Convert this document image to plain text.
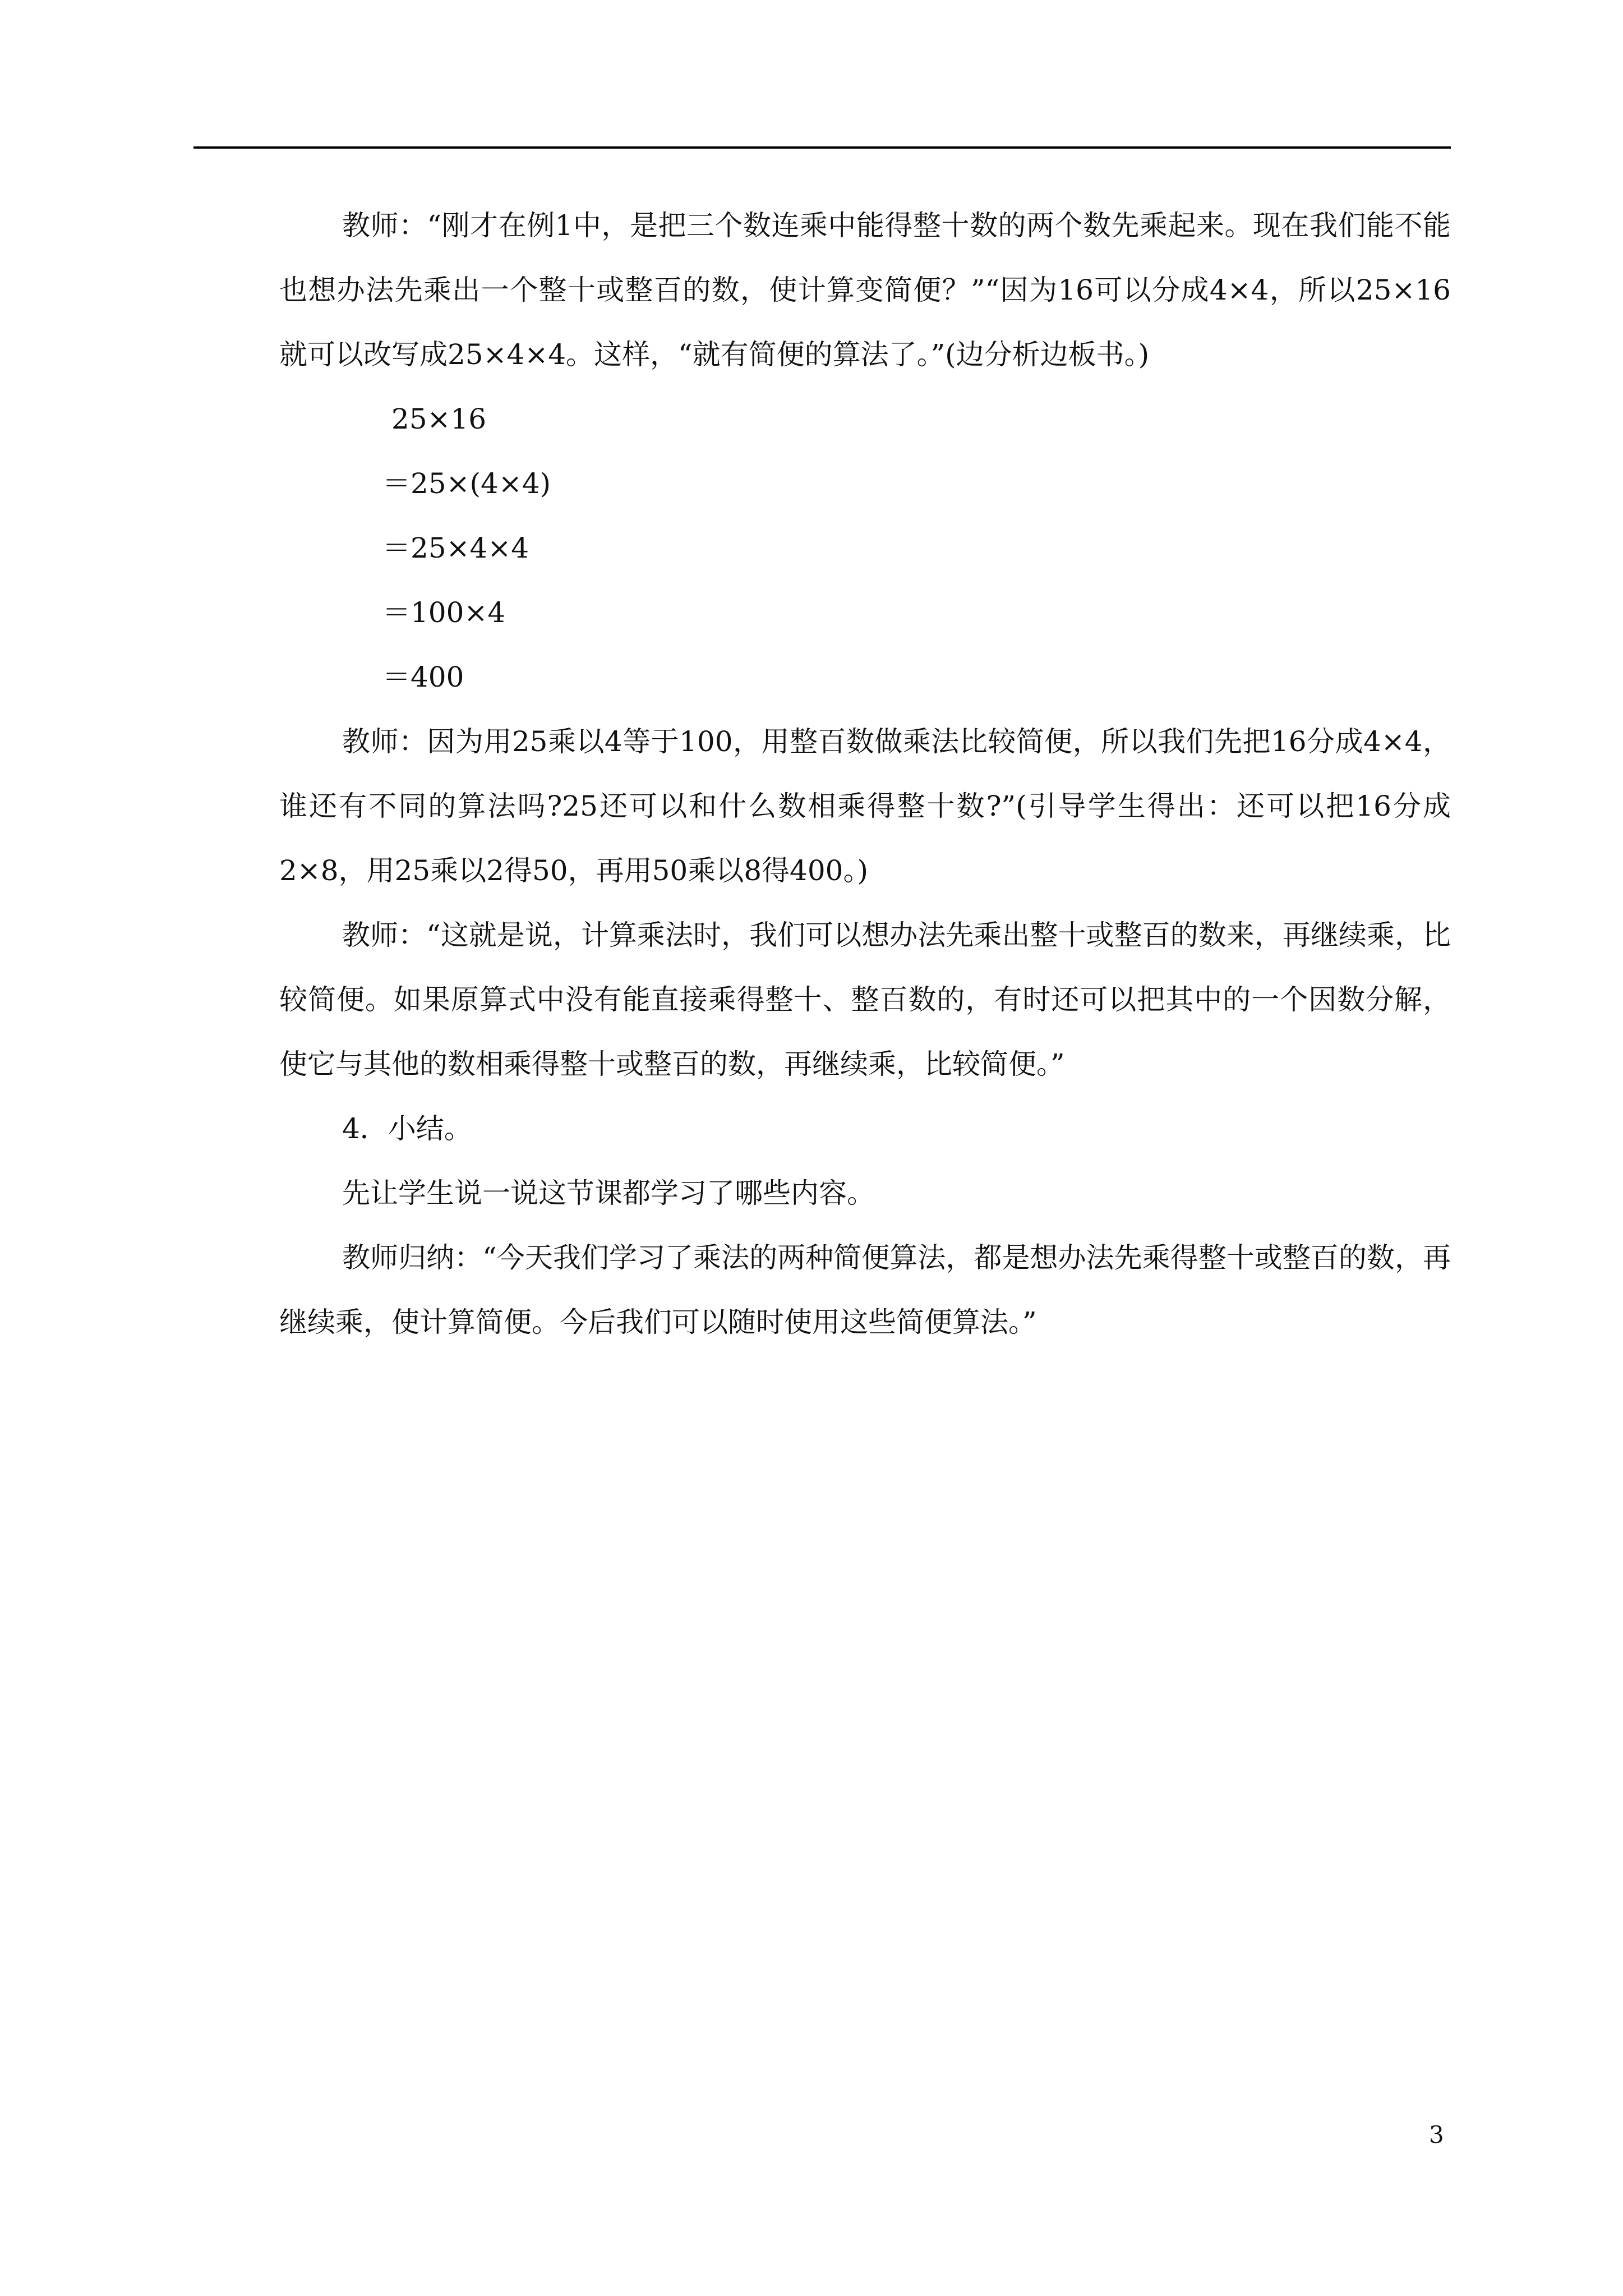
教师：“刚才在例1中，是把三个数连乘中能得整十数的两个数先乘起来。现在我们能不能也想办法先乘出一个整十或整百的数，使计算变简便？”“因为16可以分成4×4，所以25×16就可以改写成25×4×4。这样，“就有简便的算法了。”(边分析边板书。)

25×16
＝25×(4×4)
＝25×4×4
＝100×4
＝400

教师：因为用25乘以4等于100，用整百数做乘法比较简便，所以我们先把16分成4×4，谁还有不同的算法吗?25还可以和什么数相乘得整十数?”(引导学生得出：还可以把16分成2×8，用25乘以2得50，再用50乘以8得400。)

教师：“这就是说，计算乘法时，我们可以想办法先乘出整十或整百的数来，再继续乘，比较简便。如果原算式中没有能直接乘得整十、整百数的，有时还可以把其中的一个因数分解，使它与其他的数相乘得整十或整百的数，再继续乘，比较简便。”

4．小结。

先让学生说一说这节课都学习了哪些内容。

教师归纳：“今天我们学习了乘法的两种简便算法，都是想办法先乘得整十或整百的数，再继续乘，使计算简便。今后我们可以随时使用这些简便算法。”

3
